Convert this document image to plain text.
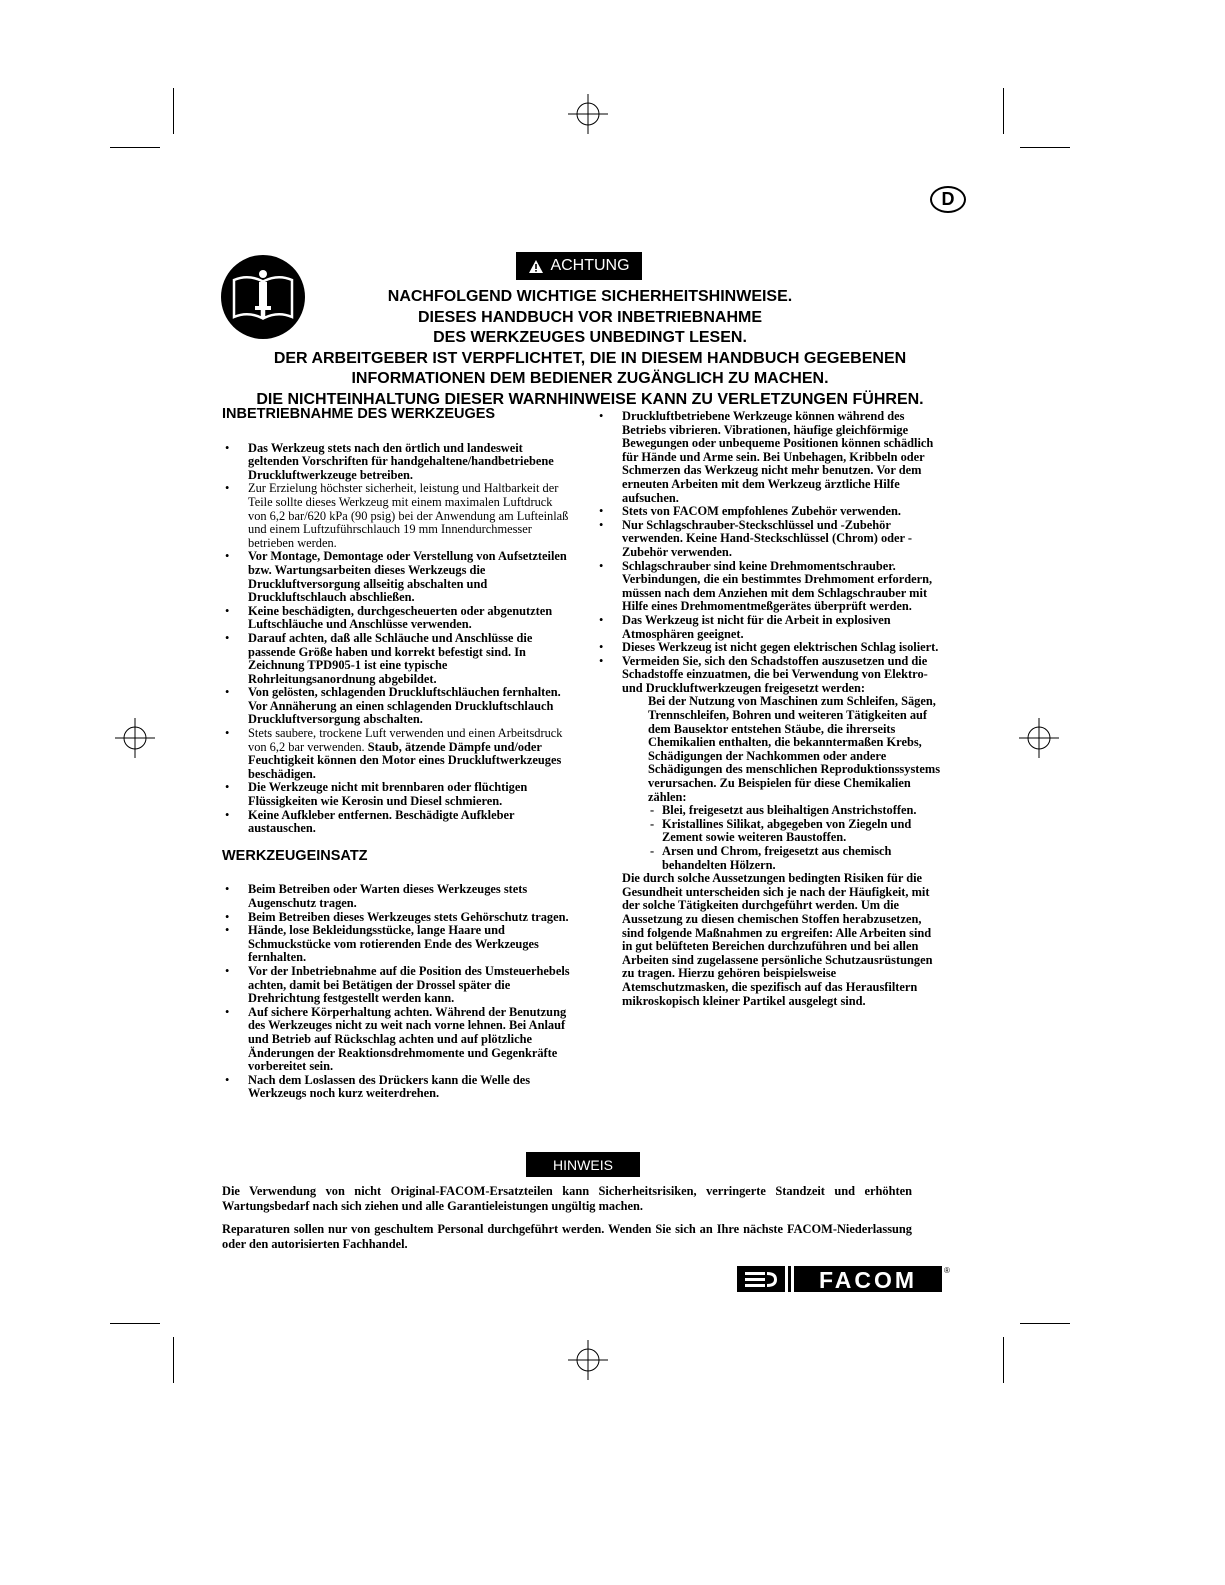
D
ACHTUNG
NACHFOLGEND WICHTIGE SICHERHEITSHINWEISE.
DIESES HANDBUCH VOR INBETRIEBNAHME
DES WERKZEUGES UNBEDINGT LESEN.
DER ARBEITGEBER IST VERPFLICHTET, DIE IN DIESEM HANDBUCH GEGEBENEN
INFORMATIONEN DEM BEDIENER ZUGÄNGLICH ZU MACHEN.
DIE NICHTEINHALTUNG DIESER WARNHINWEISE KANN ZU VERLETZUNGEN FÜHREN.
INBETRIEBNAHME DES WERKZEUGES
• Das Werkzeug stets nach den örtlich und landesweit geltenden Vorschriften für handgehaltene/handbetriebene Druckluftwerkzeuge betreiben.
• Zur Erzielung höchster sicherheit, leistung und Haltbarkeit der Teile sollte dieses Werkzeug mit einem maximalen Luftdruck von 6,2 bar/620 kPa (90 psig) bei der Anwendung am Lufteinlaß und einem Luftzuführschlauch 19 mm Innendurchmesser betrieben werden.
• Vor Montage, Demontage oder Verstellung von Aufsetzteilen bzw. Wartungsarbeiten dieses Werkzeugs die Druckluftversorgung allseitig abschalten und Druckluftschlauch abschließen.
• Keine beschädigten, durchgescheuerten oder abgenutzten Luftschläuche und Anschlüsse verwenden.
• Darauf achten, daß alle Schläuche und Anschlüsse die passende Größe haben und korrekt befestigt sind. In Zeichnung TPD905-1 ist eine typische Rohrleitungsanordnung abgebildet.
• Von gelösten, schlagenden Druckluftschläuchen fernhalten. Vor Annäherung an einen schlagenden Druckluftschlauch Druckluftversorgung abschalten.
• Stets saubere, trockene Luft verwenden und einen Arbeitsdruck von 6,2 bar verwenden. Staub, ätzende Dämpfe und/oder Feuchtigkeit können den Motor eines Druckluftwerkzeuges beschädigen.
• Die Werkzeuge nicht mit brennbaren oder flüchtigen Flüssigkeiten wie Kerosin und Diesel schmieren.
• Keine Aufkleber entfernen. Beschädigte Aufkleber austauschen.
WERKZEUGEINSATZ
• Beim Betreiben oder Warten dieses Werkzeuges stets Augenschutz tragen.
• Beim Betreiben dieses Werkzeuges stets Gehörschutz tragen.
• Hände, lose Bekleidungsstücke, lange Haare und Schmuckstücke vom rotierenden Ende des Werkzeuges fernhalten.
• Vor der Inbetriebnahme auf die Position des Umsteuerhebels achten, damit bei Betätigen der Drossel später die Drehrichtung festgestellt werden kann.
• Auf sichere Körperhaltung achten. Während der Benutzung des Werkzeuges nicht zu weit nach vorne lehnen. Bei Anlauf und Betrieb auf Rückschlag achten und auf plötzliche Änderungen der Reaktionsdrehmomente und Gegenkräfte vorbereitet sein.
• Nach dem Loslassen des Drückers kann die Welle des Werkzeugs noch kurz weiterdrehen.
• Druckluftbetriebene Werkzeuge können während des Betriebs vibrieren. Vibrationen, häufige gleichförmige Bewegungen oder unbequeme Positionen können schädlich für Hände und Arme sein. Bei Unbehagen, Kribbeln oder Schmerzen das Werkzeug nicht mehr benutzen. Vor dem erneuten Arbeiten mit dem Werkzeug ärztliche Hilfe aufsuchen.
• Stets von FACOM empfohlenes Zubehör verwenden.
• Nur Schlagschrauber-Steckschlüssel und -Zubehör verwenden. Keine Hand-Steckschlüssel (Chrom) oder -Zubehör verwenden.
• Schlagschrauber sind keine Drehmomentschrauber. Verbindungen, die ein bestimmtes Drehmoment erfordern, müssen nach dem Anziehen mit dem Schlagschrauber mit Hilfe eines Drehmomentmeßgerätes überprüft werden.
• Das Werkzeug ist nicht für die Arbeit in explosiven Atmosphären geeignet.
• Dieses Werkzeug ist nicht gegen elektrischen Schlag isoliert.
• Vermeiden Sie, sich den Schadstoffen auszusetzen und die Schadstoffe einzuatmen, die bei Verwendung von Elektro- und Druckluftwerkzeugen freigesetzt werden:
Bei der Nutzung von Maschinen zum Schleifen, Sägen, Trennschleifen, Bohren und weiteren Tätigkeiten auf dem Bausektor entstehen Stäube, die ihrerseits Chemikalien enthalten, die bekanntermaßen Krebs, Schädigungen der Nachkommen oder andere Schädigungen des menschlichen Reproduktionssystems verursachen. Zu Beispielen für diese Chemikalien zählen:
- Blei, freigesetzt aus bleihaltigen Anstrichstoffen.
- Kristallines Silikat, abgegeben von Ziegeln und Zement sowie weiteren Baustoffen.
- Arsen und Chrom, freigesetzt aus chemisch behandelten Hölzern.
Die durch solche Aussetzungen bedingten Risiken für die Gesundheit unterscheiden sich je nach der Häufigkeit, mit der solche Tätigkeiten durchgeführt werden. Um die Aussetzung zu diesen chemischen Stoffen herabzusetzen, sind folgende Maßnahmen zu ergreifen: Alle Arbeiten sind in gut belüfteten Bereichen durchzuführen und bei allen Arbeiten sind zugelassene persönliche Schutzausrüstungen zu tragen. Hierzu gehören beispielsweise Atemschutzmasken, die spezifisch auf das Herausfiltern mikroskopisch kleiner Partikel ausgelegt sind.
HINWEIS
Die Verwendung von nicht Original-FACOM-Ersatzteilen kann Sicherheitsrisiken, verringerte Standzeit und erhöhten Wartungsbedarf nach sich ziehen und alle Garantieleistungen ungültig machen.
Reparaturen sollen nur von geschultem Personal durchgeführt werden. Wenden Sie sich an Ihre nächste FACOM-Niederlassung oder den autorisierten Fachhandel.
FACOM	®
